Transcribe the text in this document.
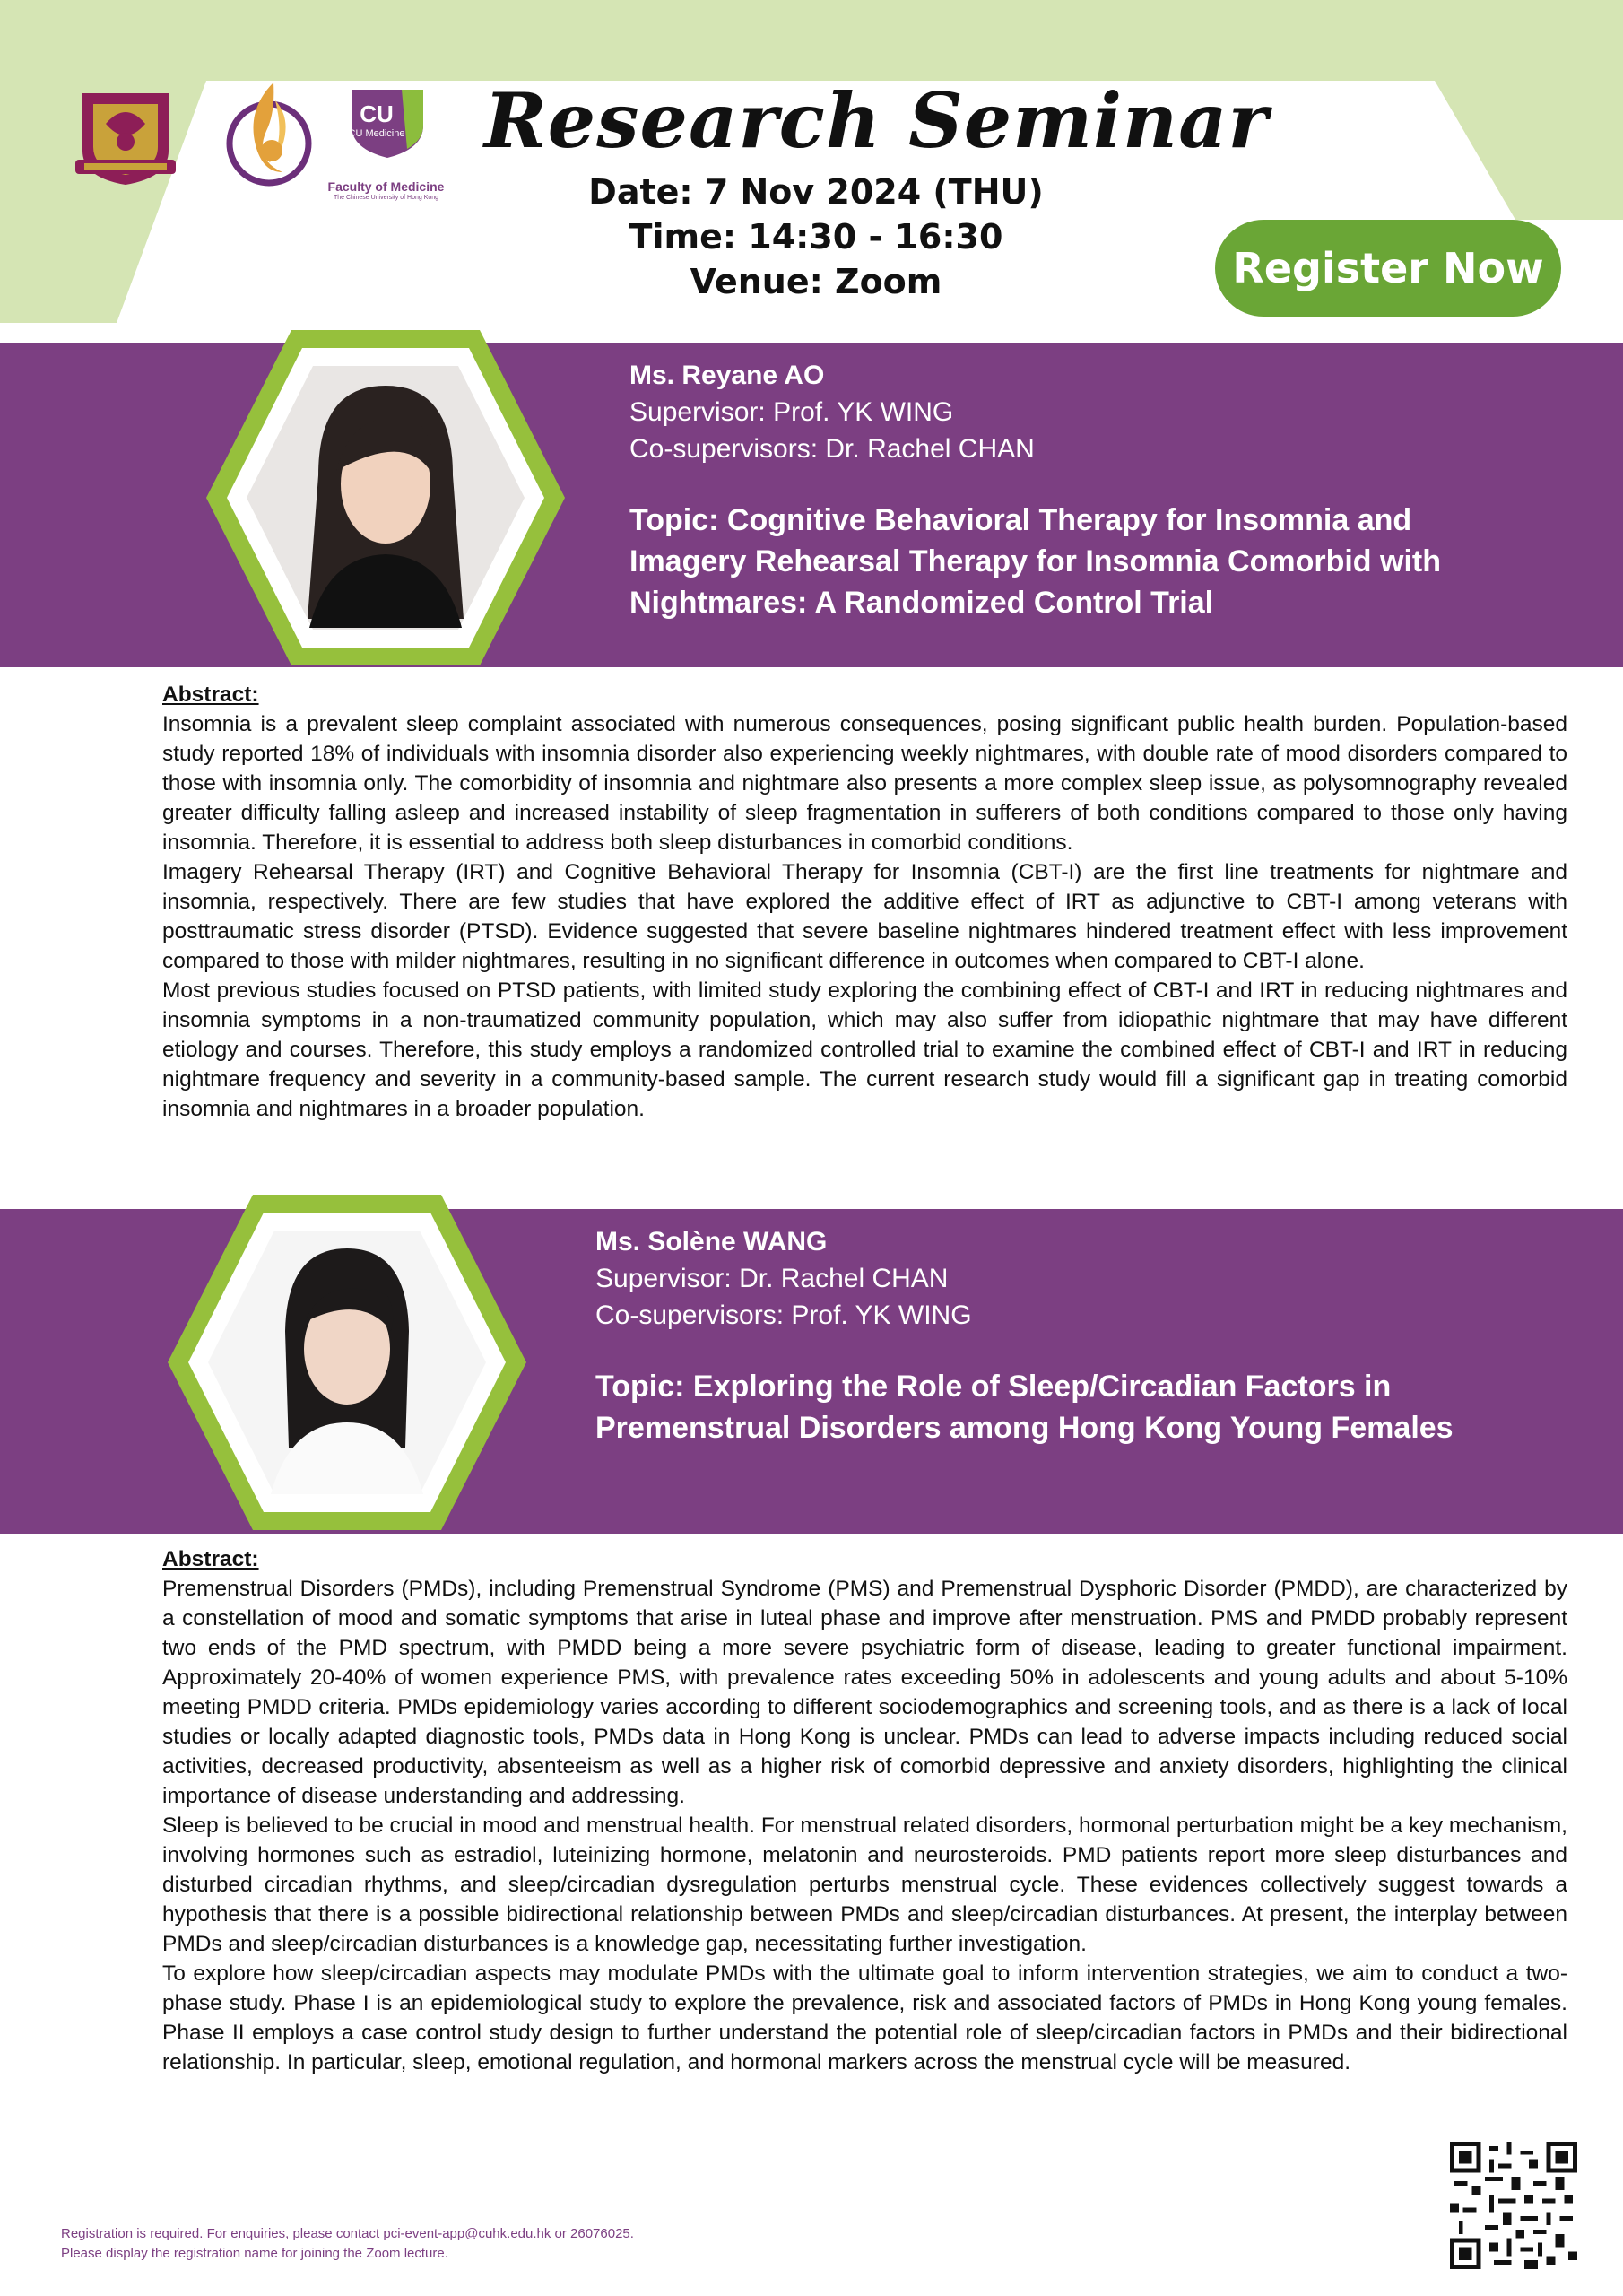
CU
CU Medicine
Faculty of Medicine
The Chinese University of Hong Kong
Research Seminar
Date: 7 Nov 2024 (THU)
Time: 14:30 - 16:30
Venue: Zoom	Register Now
Ms. Reyane AO
Supervisor: Prof. YK WING
Co-supervisors: Dr. Rachel CHAN
Topic: Cognitive Behavioral Therapy for Insomnia and Imagery Rehearsal Therapy for Insomnia Comorbid with Nightmares: A Randomized Control Trial
Abstract:

Insomnia is a prevalent sleep complaint associated with numerous consequences, posing significant public health burden. Population-based study reported 18% of individuals with insomnia disorder also experiencing weekly nightmares, with double rate of mood disorders compared to those with insomnia only. The comorbidity of insomnia and nightmare also presents a more complex sleep issue, as polysomnography revealed greater difficulty falling asleep and increased instability of sleep fragmentation in sufferers of both conditions compared to those only having insomnia. Therefore, it is essential to address both sleep disturbances in comorbid conditions.

Imagery Rehearsal Therapy (IRT) and Cognitive Behavioral Therapy for Insomnia (CBT-I) are the first line treatments for nightmare and insomnia, respectively. There are few studies that have explored the additive effect of IRT as adjunctive to CBT-I among veterans with posttraumatic stress disorder (PTSD). Evidence suggested that severe baseline nightmares hindered treatment effect with less improvement compared to those with milder nightmares, resulting in no significant difference in outcomes when compared to CBT-I alone.

Most previous studies focused on PTSD patients, with limited study exploring the combining effect of CBT-I and IRT in reducing nightmares and insomnia symptoms in a non-traumatized community population, which may also suffer from idiopathic nightmare that may have different etiology and courses. Therefore, this study employs a randomized controlled trial to examine the combined effect of CBT-I and IRT in reducing nightmare frequency and severity in a community-based sample. The current research study would fill a significant gap in treating comorbid insomnia and nightmares in a broader population.

Ms. Solène WANG
Supervisor: Dr. Rachel CHAN
Co-supervisors: Prof. YK WING
Topic: Exploring the Role of Sleep/Circadian Factors in Premenstrual Disorders among Hong Kong Young Females
Abstract:

Premenstrual Disorders (PMDs), including Premenstrual Syndrome (PMS) and Premenstrual Dysphoric Disorder (PMDD), are characterized by a constellation of mood and somatic symptoms that arise in luteal phase and improve after menstruation. PMS and PMDD probably represent two ends of the PMD spectrum, with PMDD being a more severe psychiatric form of disease, leading to greater functional impairment. Approximately 20-40% of women experience PMS, with prevalence rates exceeding 50% in adolescents and young adults and about 5-10% meeting PMDD criteria. PMDs epidemiology varies according to different sociodemographics and screening tools, and as there is a lack of local studies or locally adapted diagnostic tools, PMDs data in Hong Kong is unclear. PMDs can lead to adverse impacts including reduced social activities, decreased productivity, absenteeism as well as a higher risk of comorbid depressive and anxiety disorders, highlighting the clinical importance of disease understanding and addressing.

Sleep is believed to be crucial in mood and menstrual health. For menstrual related disorders, hormonal perturbation might be a key mechanism, involving hormones such as estradiol, luteinizing hormone, melatonin and neurosteroids. PMD patients report more sleep disturbances and disturbed circadian rhythms, and sleep/circadian dysregulation perturbs menstrual cycle. These evidences collectively suggest towards a hypothesis that there is a possible bidirectional relationship between PMDs and sleep/circadian disturbances. At present, the interplay between PMDs and sleep/circadian disturbances is a knowledge gap, necessitating further investigation.

To explore how sleep/circadian aspects may modulate PMDs with the ultimate goal to inform intervention strategies, we aim to conduct a two-phase study. Phase I is an epidemiological study to explore the prevalence, risk and associated factors of PMDs in Hong Kong young females. Phase II employs a case control study design to further understand the potential role of sleep/circadian factors in PMDs and their bidirectional relationship. In particular, sleep, emotional regulation, and hormonal markers across the menstrual cycle will be measured.

Registration is required. For enquiries, please contact pci-event-app@cuhk.edu.hk or 26076025.
Please display the registration name for joining the Zoom lecture.
